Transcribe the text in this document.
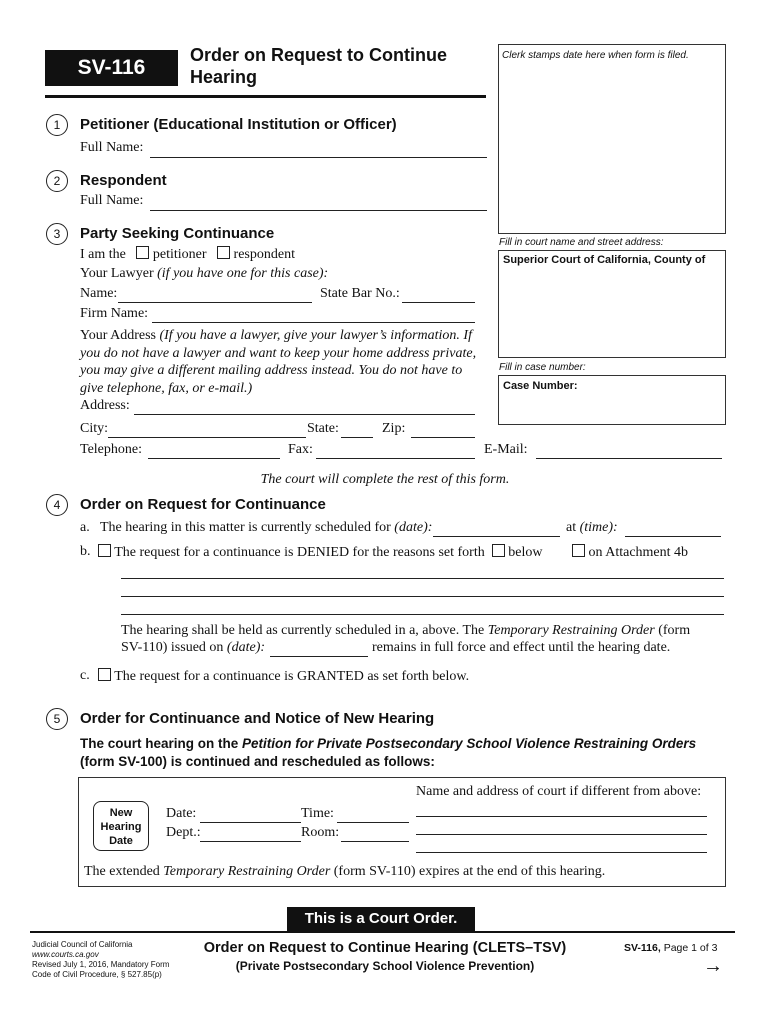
SV-116
Order on Request to Continue
Hearing
Clerk stamps date here when form is filed.
Fill in court name and street address:
Superior Court of California, County of
Fill in case number:
Case Number:
1	Petitioner (Educational Institution or Officer)
Full Name:
2	Respondent
Full Name:
3	Party Seeking Continuance
I am the petitioner respondent
Your Lawyer (if you have one for this case):
Name:	State Bar No.:
Firm Name:
Your Address (If you have a lawyer, give your lawyer’s information. If
you do not have a lawyer and want to keep your home address private,
you may give a different mailing address instead. You do not have to
give telephone, fax, or e-mail.)
Address:
City:	State:	Zip:
Telephone:	Fax:	E-Mail:
The court will complete the rest of this form.
4	Order on Request for Continuance
a. The hearing in this matter is currently scheduled for (date):	at (time):
b.	The request for a continuance is DENIED for the reasons set forth below	on Attachment 4b
The hearing shall be held as currently scheduled in a, above. The Temporary Restraining Order (form
SV-110) issued on (date):	remains in full force and effect until the hearing date.
c.	The request for a continuance is GRANTED as set forth below.
5	Order for Continuance and Notice of New Hearing
The court hearing on the Petition for Private Postsecondary School Violence Restraining Orders
(form SV-100) is continued and rescheduled as follows:
New
Hearing
Date
Date:	Time:
Dept.:	Room:
Name and address of court if different from above:
The extended Temporary Restraining Order (form SV-110) expires at the end of this hearing.
This is a Court Order.
Judicial Council of California
www.courts.ca.gov
Revised July 1, 2016, Mandatory Form
Code of Civil Procedure, § 527.85(p)
Order on Request to Continue Hearing (CLETS–TSV)
(Private Postsecondary School Violence Prevention)
SV-116, Page 1 of 3
→
